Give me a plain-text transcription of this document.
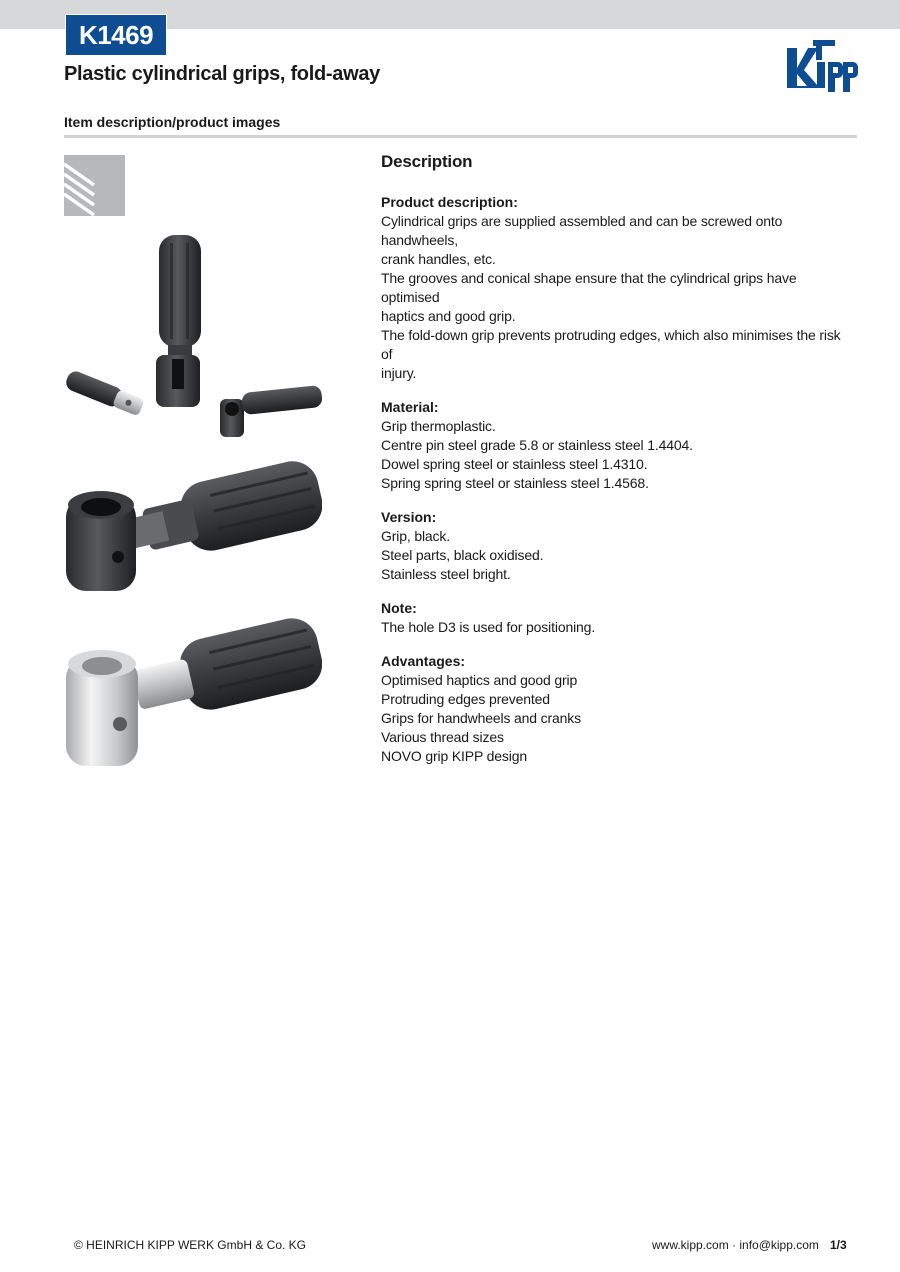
K1469
Plastic cylindrical grips, fold-away
Item description/product images
Description
Product description:
Cylindrical grips are supplied assembled and can be screwed onto handwheels,
crank handles, etc.
The grooves and conical shape ensure that the cylindrical grips have optimised
haptics and good grip.
The fold-down grip prevents protruding edges, which also minimises the risk of
injury.
Material:
Grip thermoplastic.
Centre pin steel grade 5.8 or stainless steel 1.4404.
Dowel spring steel or stainless steel 1.4310.
Spring spring steel or stainless steel 1.4568.
Version:
Grip, black.
Steel parts, black oxidised.
Stainless steel bright.
Note:
The hole D3 is used for positioning.
Advantages:
Optimised haptics and good grip
Protruding edges prevented
Grips for handwheels and cranks
Various thread sizes
NOVO grip KIPP design
© HEINRICH KIPP WERK GmbH & Co. KG	www.kipp.com · info@kipp.com 1/3
